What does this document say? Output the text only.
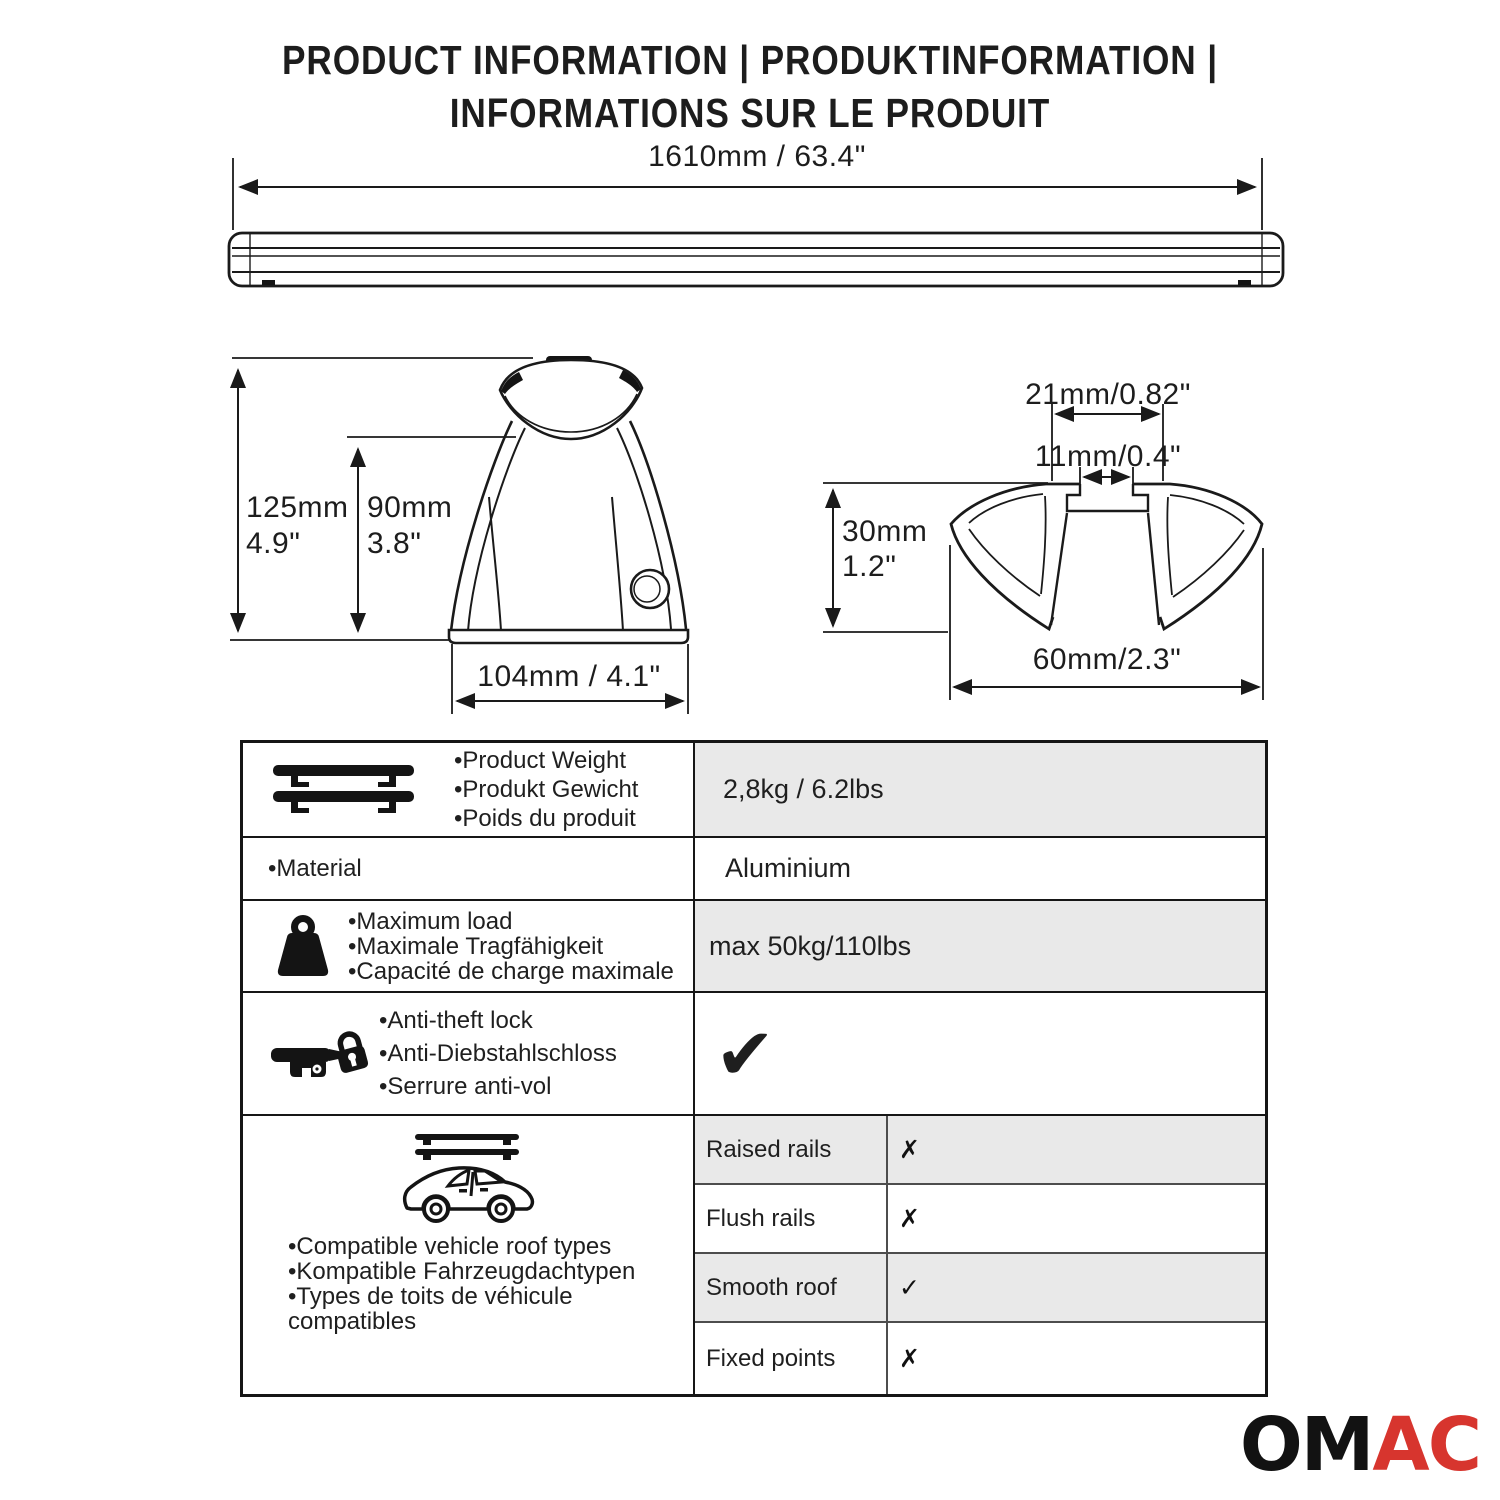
PRODUCT INFORMATION | PRODUKTINFORMATION |
INFORMATIONS SUR LE PRODUIT
1610mm / 63.4"
125mm
4.9"
90mm
3.8"
104mm / 4.1"
21mm/0.82"
11mm/0.4"
30mm
1.2"
60mm/2.3"
•Product Weight
•Produkt Gewicht
•Poids du produit
2,8kg / 6.2lbs
•Material	Aluminium
•Maximum load
•Maximale Tragfähigkeit
•Capacité de charge maximale
max 50kg/110lbs
•Anti-theft lock
•Anti-Diebstahlschloss
•Serrure anti-vol	✔
•Compatible vehicle roof types
•Kompatible Fahrzeugdachtypen
•Types de toits de véhicule
compatibles
Raised rails	✗
Flush rails	✗
Smooth roof ✓
Fixed points	✗
OMAC
